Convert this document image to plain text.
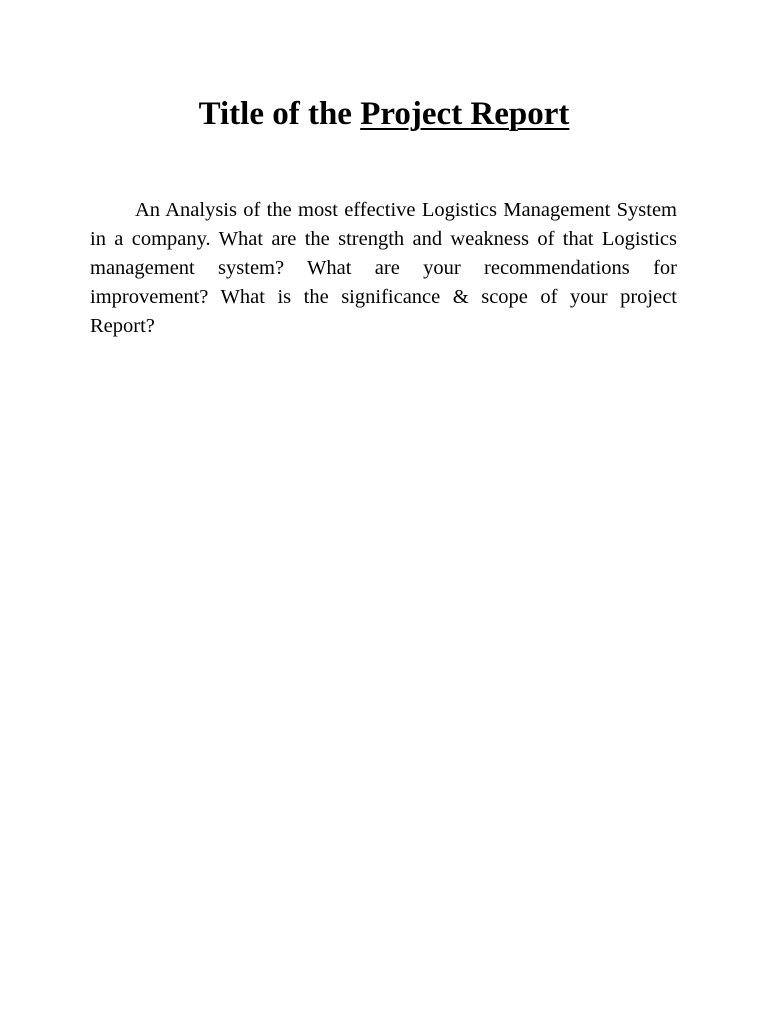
Title of the Project Report

An Analysis of the most effective Logistics Management System in a company. What are the strength and weakness of that Logistics management system? What are your recommendations for improvement? What is the significance & scope of your project Report?
